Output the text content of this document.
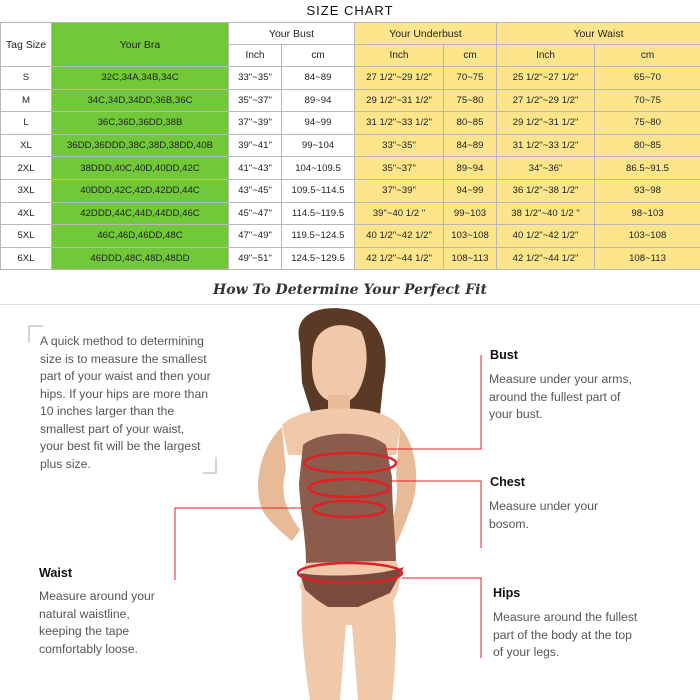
SIZE CHART
Tag Size	Your Bra	Your Bust		Your Underbust		Your Waist	
		Inch	cm	Inch	cm	Inch	cm
S	32C,34A,34B,34C	33"~35"	84~89	27 1/2"~29 1/2"	70~75	25 1/2"~27 1/2"	65~70
M	34C,34D,34DD,36B,36C	35"~37"	89~94	29 1/2"~31 1/2"	75~80	27 1/2"~29 1/2"	70~75
L	36C,36D,36DD,38B	37"~39"	94~99	31 1/2"~33 1/2"	80~85	29 1/2"~31 1/2"	75~80
XL	36DD,36DDD,38C,38D,38DD,40B	39"~41"	99~104	33"~35"	84~89	31 1/2"~33 1/2"	80~85
2XL	38DDD,40C,40D,40DD,42C	41"~43"	104~109.5	35"~37"	89~94	34"~36"	86.5~91.5
3XL	40DDD,42C,42D,42DD,44C	43"~45"	109.5~114.5	37"~39"	94~99	36 1/2"~38 1/2"	93~98
4XL	42DDD,44C,44D,44DD,46C	45"~47"	114.5~119.5	39"~40 1/2 "	99~103	38 1/2"~40 1/2 "	98~103
5XL	46C,46D,46DD,48C	47"~49"	119.5~124.5	40 1/2"~42 1/2"	103~108	40 1/2"~42 1/2"	103~108
6XL	46DDD,48C,48D,48DD	49"~51"	124.5~129.5	42 1/2"~44 1/2"	108~113	42 1/2"~44 1/2"	108~113
How To Determine Your Perfect Fit
A quick method to determining
size is to measure the smallest
part of your waist and then your
hips. If your hips are more than
10 inches larger than the
smallest part of your waist,
your best fit will be the largest
plus size.
Bust
Measure under your arms,
around the fullest part of
your bust.
Chest
Measure under your
bosom.
Waist
Measure around your
natural waistline,
keeping the tape
comfortably loose.
Hips
Measure around the fullest
part of the body at the top
of your legs.
